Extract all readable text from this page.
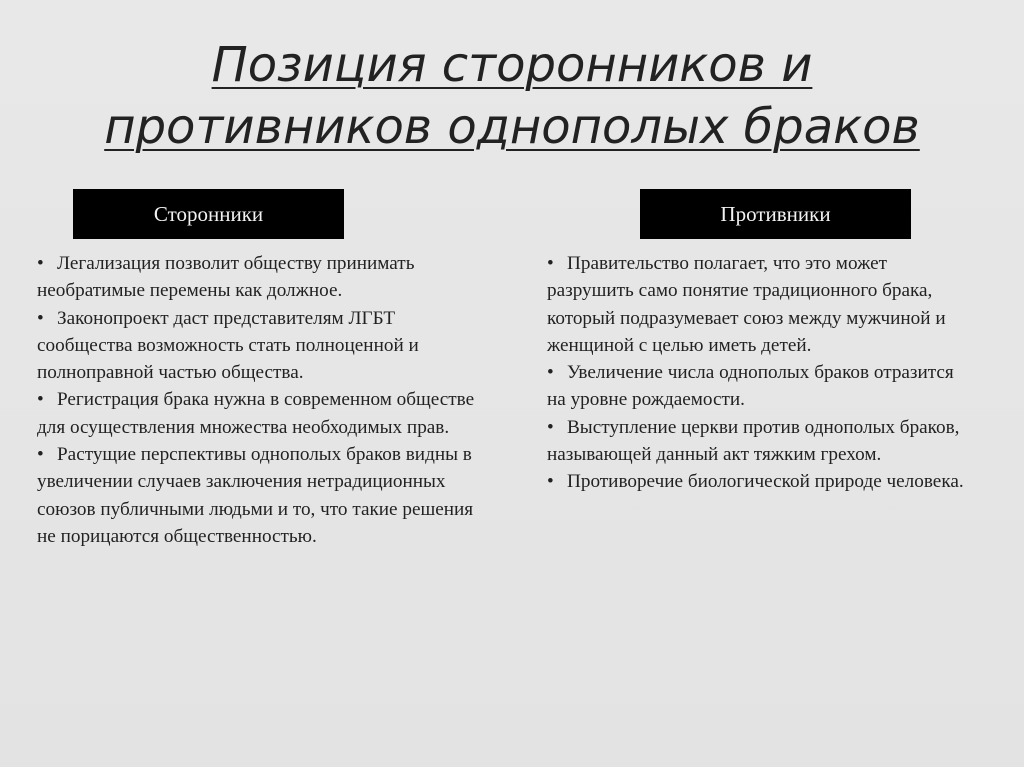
Позиция сторонников и
противников однополых браков
Сторонники	Противники

• Легализация позволит обществу принимать необратимые перемены как должное.

• Законопроект даст представителям ЛГБТ сообщества возможность стать полноценной и полноправной частью общества.

• Регистрация брака нужна в современном обществе для осуществления множества необходимых прав.

• Растущие перспективы однополых браков видны в увеличении случаев заключения нетрадиционных союзов публичными людьми и то, что такие решения не порицаются общественностью.

• Правительство полагает, что это может разрушить само понятие традиционного брака, который подразумевает союз между мужчиной и женщиной с целью иметь детей.

• Увеличение числа однополых браков отразится на уровне рождаемости.

• Выступление церкви против однополых браков, называющей данный акт тяжким грехом.

• Противоречие биологической природе человека.
